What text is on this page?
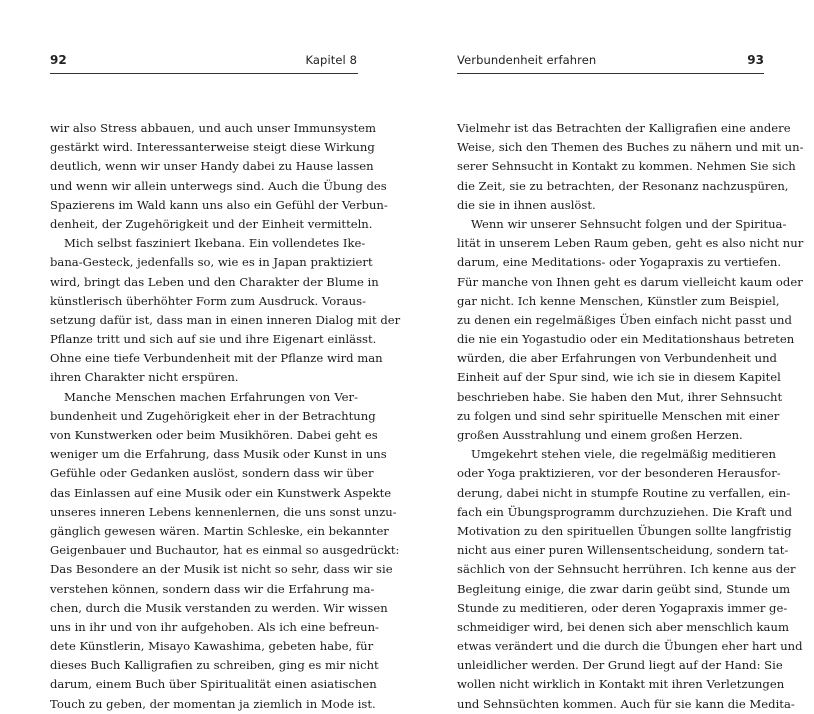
92	Kapitel 8
wir also Stress abbauen, und auch unser Immunsystem
gestärkt wird. Interessanterweise steigt diese Wirkung
deutlich, wenn wir unser Handy dabei zu Hause lassen
und wenn wir allein unterwegs sind. Auch die Übung des
Spazierens im Wald kann uns also ein Gefühl der Verbun-
denheit, der Zugehörigkeit und der Einheit vermitteln.
Mich selbst fasziniert Ikebana. Ein vollendetes Ike-
bana-Gesteck, jedenfalls so, wie es in Japan praktiziert
wird, bringt das Leben und den Charakter der Blume in
künstlerisch überhöhter Form zum Ausdruck. Voraus-
setzung dafür ist, dass man in einen inneren Dialog mit der
Pflanze tritt und sich auf sie und ihre Eigenart einlässt.
Ohne eine tiefe Verbundenheit mit der Pflanze wird man
ihren Charakter nicht erspüren.
Manche Menschen machen Erfahrungen von Ver-
bundenheit und Zugehörigkeit eher in der Betrachtung
von Kunstwerken oder beim Musikhören. Dabei geht es
weniger um die Erfahrung, dass Musik oder Kunst in uns
Gefühle oder Gedanken auslöst, sondern dass wir über
das Einlassen auf eine Musik oder ein Kunstwerk Aspekte
unseres inneren Lebens kennenlernen, die uns sonst unzu-
gänglich gewesen wären. Martin Schleske, ein bekannter
Geigenbauer und Buchautor, hat es einmal so ausgedrückt:
Das Besondere an der Musik ist nicht so sehr, dass wir sie
verstehen können, sondern dass wir die Erfahrung ma-
chen, durch die Musik verstanden zu werden. Wir wissen
uns in ihr und von ihr aufgehoben. Als ich eine befreun-
dete Künstlerin, Misayo Kawashima, gebeten habe, für
dieses Buch Kalligrafien zu schreiben, ging es mir nicht
darum, einem Buch über Spiritualität einen asiatischen
Touch zu geben, der momentan ja ziemlich in Mode ist.
Verbundenheit erfahren	93
Vielmehr ist das Betrachten der Kalligrafien eine andere
Weise, sich den Themen des Buches zu nähern und mit un-
serer Sehnsucht in Kontakt zu kommen. Nehmen Sie sich
die Zeit, sie zu betrachten, der Resonanz nachzuspüren,
die sie in ihnen auslöst.
Wenn wir unserer Sehnsucht folgen und der Spiritua-
lität in unserem Leben Raum geben, geht es also nicht nur
darum, eine Meditations- oder Yogapraxis zu vertiefen.
Für manche von Ihnen geht es darum vielleicht kaum oder
gar nicht. Ich kenne Menschen, Künstler zum Beispiel,
zu denen ein regelmäßiges Üben einfach nicht passt und
die nie ein Yogastudio oder ein Meditationshaus betreten
würden, die aber Erfahrungen von Verbundenheit und
Einheit auf der Spur sind, wie ich sie in diesem Kapitel
beschrieben habe. Sie haben den Mut, ihrer Sehnsucht
zu folgen und sind sehr spirituelle Menschen mit einer
großen Ausstrahlung und einem großen Herzen.
Umgekehrt stehen viele, die regelmäßig meditieren
oder Yoga praktizieren, vor der besonderen Herausfor-
derung, dabei nicht in stumpfe Routine zu verfallen, ein-
fach ein Übungsprogramm durchzuziehen. Die Kraft und
Motivation zu den spirituellen Übungen sollte langfristig
nicht aus einer puren Willensentscheidung, sondern tat-
sächlich von der Sehnsucht herrühren. Ich kenne aus der
Begleitung einige, die zwar darin geübt sind, Stunde um
Stunde zu meditieren, oder deren Yogapraxis immer ge-
schmeidiger wird, bei denen sich aber menschlich kaum
etwas verändert und die durch die Übungen eher hart und
unleidlicher werden. Der Grund liegt auf der Hand: Sie
wollen nicht wirklich in Kontakt mit ihren Verletzungen
und Sehnsüchten kommen. Auch für sie kann die Medita-
